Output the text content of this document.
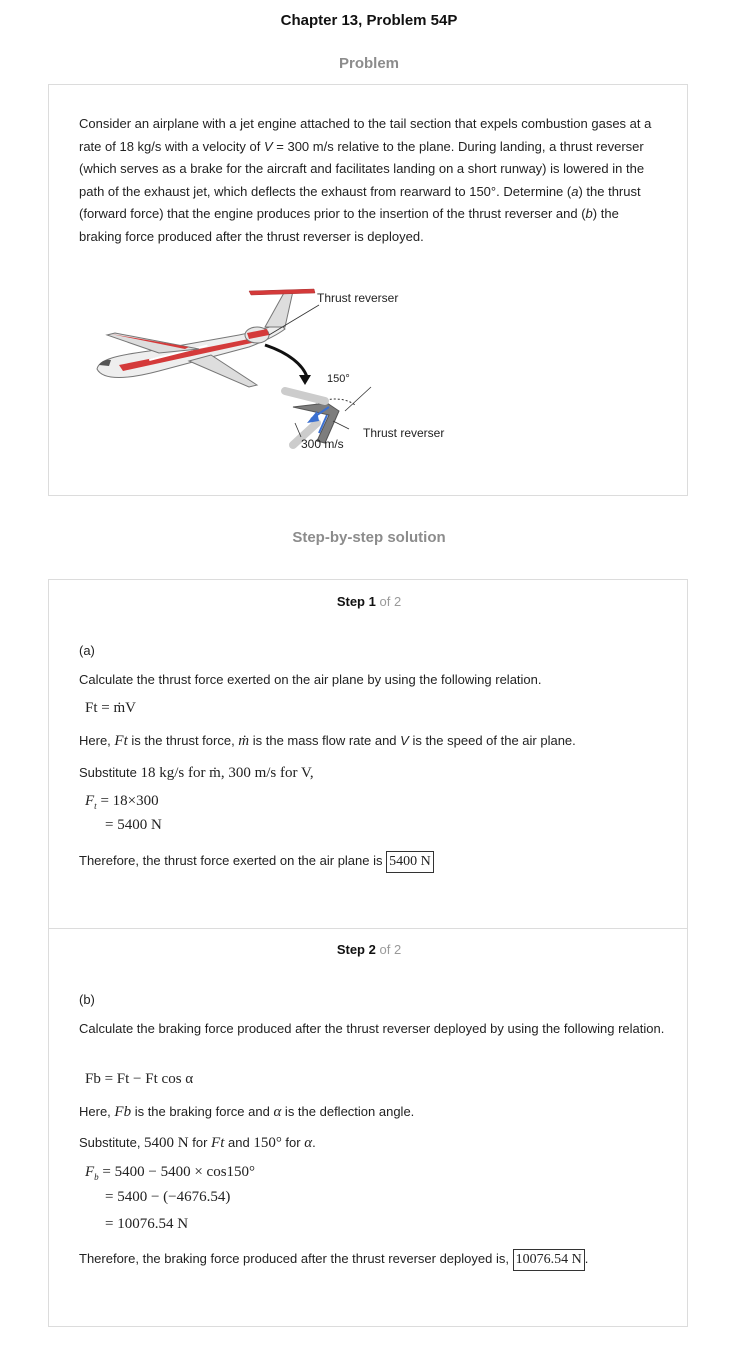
Chapter 13, Problem 54P
Problem
Consider an airplane with a jet engine attached to the tail section that expels combustion gases at a rate of 18 kg/s with a velocity of V = 300 m/s relative to the plane. During landing, a thrust reverser (which serves as a brake for the aircraft and facilitates landing on a short runway) is lowered in the path of the exhaust jet, which deflects the exhaust from rearward to 150°. Determine (a) the thrust (forward force) that the engine produces prior to the insertion of the thrust reverser and (b) the braking force produced after the thrust reverser is deployed.
Thrust reverser
150°
300 m/s
Thrust reverser
Step-by-step solution
Step 1 of 2
(a)
Calculate the thrust force exerted on the air plane by using the following relation.
Ft = ṁV
Here, Ft is the thrust force, ṁ is the mass flow rate and V is the speed of the air plane.
Substitute 18 kg/s for ṁ, 300 m/s for V,
$F_t = 18\times 300$
= 5400 N
Therefore, the thrust force exerted on the air plane is 5400 N
Step 2 of 2
(b)
Calculate the braking force produced after the thrust reverser deployed by using the following relation.
Fb = Ft − Ft cos α
Here, Fb is the braking force and α is the deflection angle.
Substitute, 5400 N for Ft and 150° for α.
$F_b = 5400 - 5400 \times \cos 150^\circ$
= 5400 − (−4676.54)
= 10076.54 N
Therefore, the braking force produced after the thrust reverser deployed is, 10076.54 N .
